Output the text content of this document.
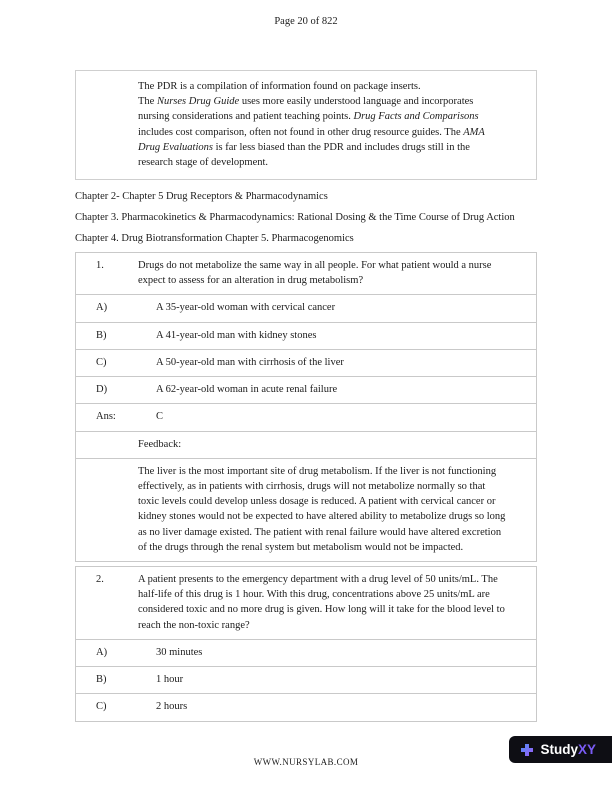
Page 20 of 822
The PDR is a compilation of information found on package inserts.
The Nurses Drug Guide uses more easily understood language and incorporates nursing considerations and patient teaching points. Drug Facts and Comparisons includes cost comparison, often not found in other drug resource guides. The AMA Drug Evaluations is far less biased than the PDR and includes drugs still in the research stage of development.
Chapter 2- Chapter 5 Drug Receptors & Pharmacodynamics
Chapter 3. Pharmacokinetics & Pharmacodynamics: Rational Dosing & the Time Course of Drug Action Chapter 4. Drug Biotransformation Chapter 5. Pharmacogenomics
1.	Drugs do not metabolize the same way in all people. For what patient would a nurse expect to assess for an alteration in drug metabolism?
A)	A 35-year-old woman with cervical cancer
B)	A 41-year-old man with kidney stones
C)	A 50-year-old man with cirrhosis of the liver
D)	A 62-year-old woman in acute renal failure
Ans:	C
Feedback:
The liver is the most important site of drug metabolism. If the liver is not functioning effectively, as in patients with cirrhosis, drugs will not metabolize normally so that toxic levels could develop unless dosage is reduced. A patient with cervical cancer or kidney stones would not be expected to have altered ability to metabolize drugs so long as no liver damage existed. The patient with renal failure would have altered excretion of the drugs through the renal system but metabolism would not be impacted.
2.	A patient presents to the emergency department with a drug level of 50 units/mL. The half-life of this drug is 1 hour. With this drug, concentrations above 25 units/mL are considered toxic and no more drug is given. How long will it take for the blood level to reach the non-toxic range?
A)	30 minutes
B)	1 hour
C)	2 hours
Study XY
WWW.NURSYLAB.COM
